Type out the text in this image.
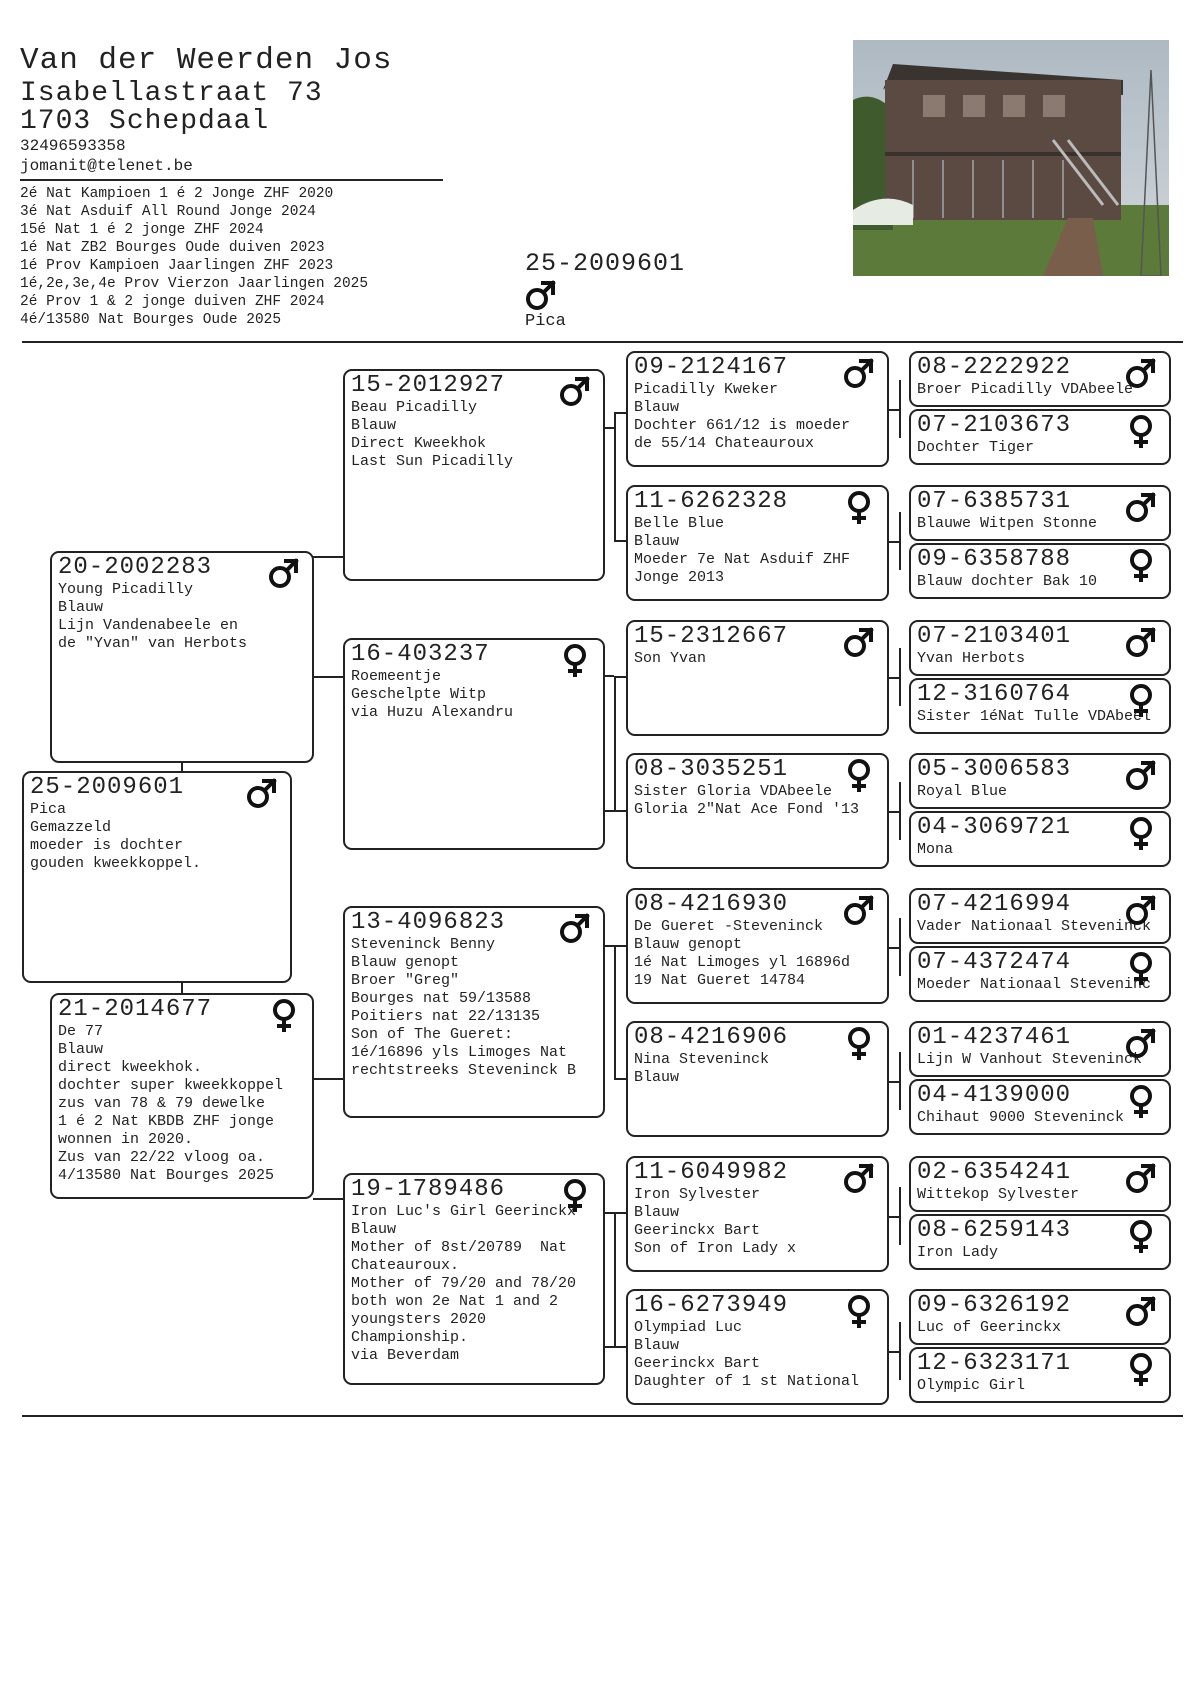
Van der Weerden Jos
Isabellastraat 73
1703 Schepdaal
32496593358
jomanit@telenet.be
2é Nat Kampioen 1 é 2 Jonge ZHF 2020
3é Nat Asduif All Round Jonge 2024
15é Nat 1 é 2 jonge ZHF 2024
1é Nat ZB2 Bourges Oude duiven 2023
1é Prov Kampioen Jaarlingen ZHF 2023
1é,2e,3e,4e Prov Vierzon Jaarlingen 2025
2é Prov 1 & 2 jonge duiven ZHF 2024
4é/13580 Nat Bourges Oude 2025
25-2009601
Pica
25-2009601
Pica
Gemazzeld
moeder is dochter
gouden kweekkoppel.
20-2002283
Young Picadilly
Blauw
Lijn Vandenabeele en
de "Yvan" van Herbots
21-2014677
De 77
Blauw
direct kweekhok.
dochter super kweekkoppel
zus van 78 & 79 dewelke
1 é 2 Nat KBDB ZHF jonge
wonnen in 2020.
Zus van 22/22 vloog oa.
4/13580 Nat Bourges 2025
15-2012927
Beau Picadilly
Blauw
Direct Kweekhok
Last Sun Picadilly
16-403237
Roemeentje
Geschelpte Witp
via Huzu Alexandru
13-4096823
Steveninck Benny
Blauw genopt
Broer "Greg"
Bourges nat 59/13588
Poitiers nat 22/13135
Son of The Gueret:
1é/16896 yls Limoges Nat
rechtstreeks Steveninck B
19-1789486
Iron Luc's Girl Geerinckx
Blauw
Mother of 8st/20789  Nat
Chateauroux.
Mother of 79/20 and 78/20
both won 2e Nat 1 and 2
youngsters 2020
Championship.
via Beverdam
09-2124167
Picadilly Kweker
Blauw
Dochter 661/12 is moeder
de 55/14 Chateauroux
11-6262328
Belle Blue
Blauw
Moeder 7e Nat Asduif ZHF
Jonge 2013
15-2312667
Son Yvan
08-3035251
Sister Gloria VDAbeele
Gloria 2"Nat Ace Fond '13
08-4216930
De Gueret -Steveninck
Blauw genopt
1é Nat Limoges yl 16896d
19 Nat Gueret 14784
08-4216906
Nina Steveninck
Blauw
11-6049982
Iron Sylvester
Blauw
Geerinckx Bart
Son of Iron Lady x
16-6273949
Olympiad Luc
Blauw
Geerinckx Bart
Daughter of 1 st National
08-2222922
Broer Picadilly VDAbeele
07-2103673
Dochter Tiger
07-6385731
Blauwe Witpen Stonne
09-6358788
Blauw dochter Bak 10
07-2103401
Yvan Herbots
12-3160764
Sister 1éNat Tulle VDAbeel
05-3006583
Royal Blue
04-3069721
Mona
07-4216994
Vader Nationaal Steveninck
07-4372474
Moeder Nationaal Steveninc
01-4237461
Lijn W Vanhout Steveninck
04-4139000
Chihaut 9000 Steveninck
02-6354241
Wittekop Sylvester
08-6259143
Iron Lady
09-6326192
Luc of Geerinckx
12-6323171
Olympic Girl
